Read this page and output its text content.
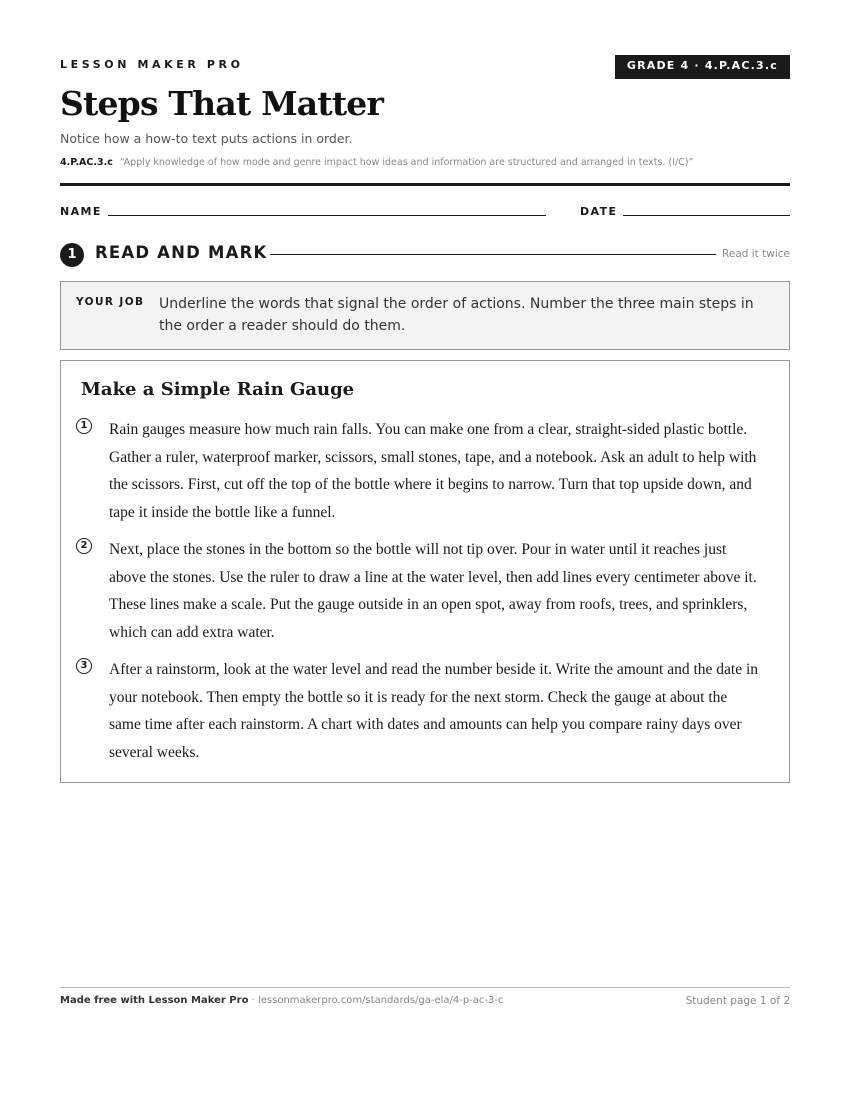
LESSON MAKER PRO	GRADE 4 · 4.P.AC.3.c
Steps That Matter
Notice how a how-to text puts actions in order.
4.P.AC.3.c “Apply knowledge of how mode and genre impact how ideas and information are structured and arranged in texts. (I/C)”
NAME	DATE
1	READ AND MARK	Read it twice
YOUR JOB Underline the words that signal the order of actions. Number the three main steps in the order a reader should do them.
Make a Simple Rain Gauge
1 Rain gauges measure how much rain falls. You can make one from a clear, straight-sided plastic bottle. Gather a ruler, waterproof marker, scissors, small stones, tape, and a notebook. Ask an adult to help with the scissors. First, cut off the top of the bottle where it begins to narrow. Turn that top upside down, and tape it inside the bottle like a funnel.
2 Next, place the stones in the bottom so the bottle will not tip over. Pour in water until it reaches just above the stones. Use the ruler to draw a line at the water level, then add lines every centimeter above it. These lines make a scale. Put the gauge outside in an open spot, away from roofs, trees, and sprinklers, which can add extra water.
3 After a rainstorm, look at the water level and read the number beside it. Write the amount and the date in your notebook. Then empty the bottle so it is ready for the next storm. Check the gauge at about the same time after each rainstorm. A chart with dates and amounts can help you compare rainy days over several weeks.
Made free with Lesson Maker Pro · lessonmakerpro.com/standards/ga-ela/4-p-ac-3-c	Student page 1 of 2
